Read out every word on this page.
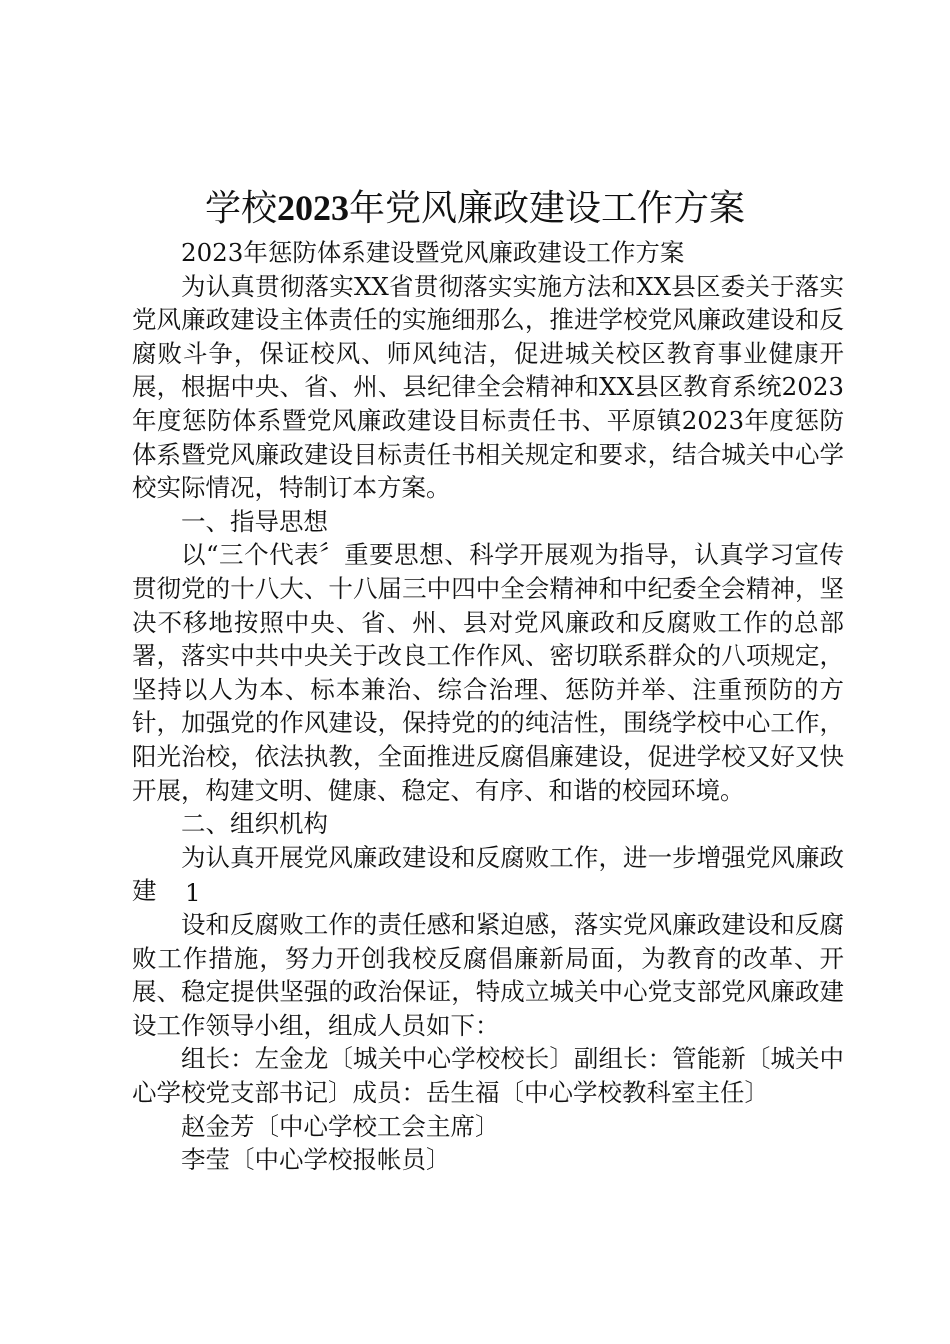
学校2023年党风廉政建设工作方案

2023年惩防体系建设暨党风廉政建设工作方案

为认真贯彻落实XX省贯彻落实实施方法和XX县区委关于落实党风廉政建设主体责任的实施细那么，推进学校党风廉政建设和反腐败斗争，保证校风、师风纯洁，促进城关校区教育事业健康开展，根据中央、省、州、县纪律全会精神和XX县区教育系统2023年度惩防体系暨党风廉政建设目标责任书、平原镇2023年度惩防体系暨党风廉政建设目标责任书相关规定和要求，结合城关中心学校实际情况，特制订本方案。

一、指导思想

以“三个代表〞重要思想、科学开展观为指导，认真学习宣传贯彻党的十八大、十八届三中四中全会精神和中纪委全会精神，坚决不移地按照中央、省、州、县对党风廉政和反腐败工作的总部署，落实中共中央关于改良工作作风、密切联系群众的八项规定，坚持以人为本、标本兼治、综合治理、惩防并举、注重预防的方针，加强党的作风建设，保持党的的纯洁性，围绕学校中心工作，阳光治校，依法执教，全面推进反腐倡廉建设，促进学校又好又快开展，构建文明、健康、稳定、有序、和谐的校园环境。

二、组织机构

为认真开展党风廉政建设和反腐败工作，进一步增强党风廉政建	1

设和反腐败工作的责任感和紧迫感，落实党风廉政建设和反腐败工作措施，努力开创我校反腐倡廉新局面，为教育的改革、开展、稳定提供坚强的政治保证，特成立城关中心党支部党风廉政建设工作领导小组，组成人员如下：

组长：左金龙〔城关中心学校校长〕副组长：管能新〔城关中心学校党支部书记〕成员：岳生福〔中心学校教科室主任〕

赵金芳〔中心学校工会主席〕

李莹〔中心学校报帐员〕
